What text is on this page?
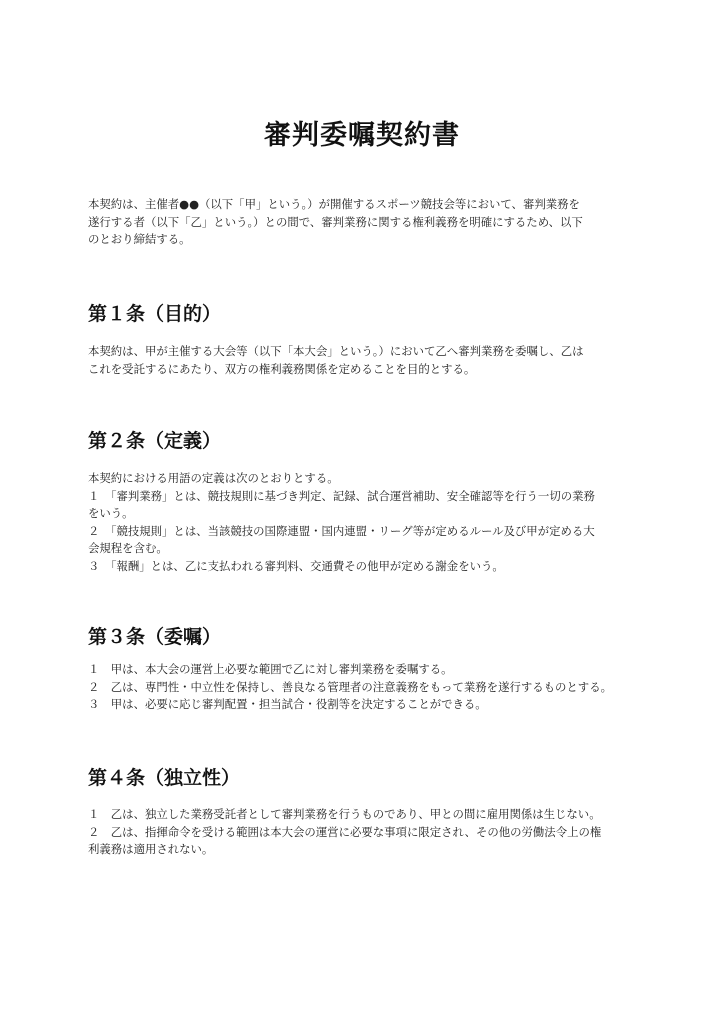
審判委嘱契約書
本契約は、主催者●●（以下「甲」という。）が開催するスポーツ競技会等において、審判業務を
遂行する者（以下「乙」という。）との間で、審判業務に関する権利義務を明確にするため、以下
のとおり締結する。
第１条（目的）
本契約は、甲が主催する大会等（以下「本大会」という。）において乙へ審判業務を委嘱し、乙は
これを受託するにあたり、双方の権利義務関係を定めることを目的とする。
第２条（定義）
本契約における用語の定義は次のとおりとする。
１　「審判業務」とは、競技規則に基づき判定、記録、試合運営補助、安全確認等を行う一切の業務
をいう。
２　「競技規則」とは、当該競技の国際連盟・国内連盟・リーグ等が定めるルール及び甲が定める大
会規程を含む。
３　「報酬」とは、乙に支払われる審判料、交通費その他甲が定める謝金をいう。
第３条（委嘱）
１　甲は、本大会の運営上必要な範囲で乙に対し審判業務を委嘱する。
２　乙は、専門性・中立性を保持し、善良なる管理者の注意義務をもって業務を遂行するものとする。
３　甲は、必要に応じ審判配置・担当試合・役割等を決定することができる。
第４条（独立性）
１　乙は、独立した業務受託者として審判業務を行うものであり、甲との間に雇用関係は生じない。
２　乙は、指揮命令を受ける範囲は本大会の運営に必要な事項に限定され、その他の労働法令上の権
利義務は適用されない。
